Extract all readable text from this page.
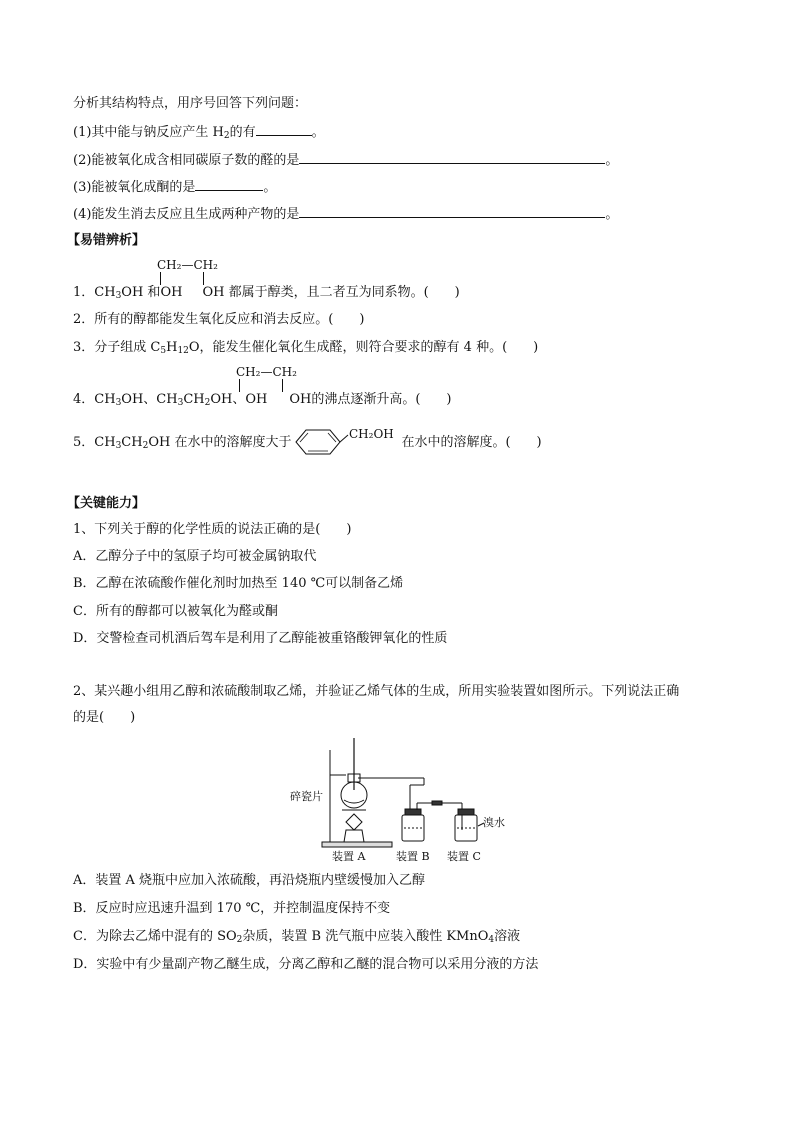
分析其结构特点，用序号回答下列问题：
(1)其中能与钠反应产生 $H_2$的有	。
(2)能被氧化成含相同碳原子数的醛的是	。
(3)能被氧化成酮的是	。
(4)能发生消去反应且生成两种产物的是	。
【易错辨析】
CH₂—CH₂
1．$CH_3OH$ 和OH OH 都属于醇类，且二者互为同系物。(　　)
2．所有的醇都能发生氧化反应和消去反应。(　　)
3．分子组成 $C_5H_{12}O$，能发生催化氧化生成醛，则符合要求的醇有 4 种。(　　)
CH₂—CH₂
4．$CH_3OH$、$CH_3CH_2OH$、OH OH的沸点逐渐升高。(　　)
5．$CH_3CH_2OH$ 在水中的溶解度大于	在水中的溶解度。(　　)
CH₂OH
【关键能力】
1、下列关于醇的化学性质的说法正确的是(　　)
A．乙醇分子中的氢原子均可被金属钠取代
B．乙醇在浓硫酸作催化剂时加热至 140 ℃可以制备乙烯
C．所有的醇都可以被氧化为醛或酮
D．交警检查司机酒后驾车是利用了乙醇能被重铬酸钾氧化的性质
2、某兴趣小组用乙醇和浓硫酸制取乙烯，并验证乙烯气体的生成，所用实验装置如图所示。下列说法正确
的是(　　)
碎瓷片
溴水
装置 A	装置 B 装置 C
A．装置 A 烧瓶中应加入浓硫酸，再沿烧瓶内壁缓慢加入乙醇
B．反应时应迅速升温到 170 ℃，并控制温度保持不变
C．为除去乙烯中混有的 $SO_2$杂质，装置 B 洗气瓶中应装入酸性 KMnO$_4$溶液
D．实验中有少量副产物乙醚生成，分离乙醇和乙醚的混合物可以采用分液的方法
